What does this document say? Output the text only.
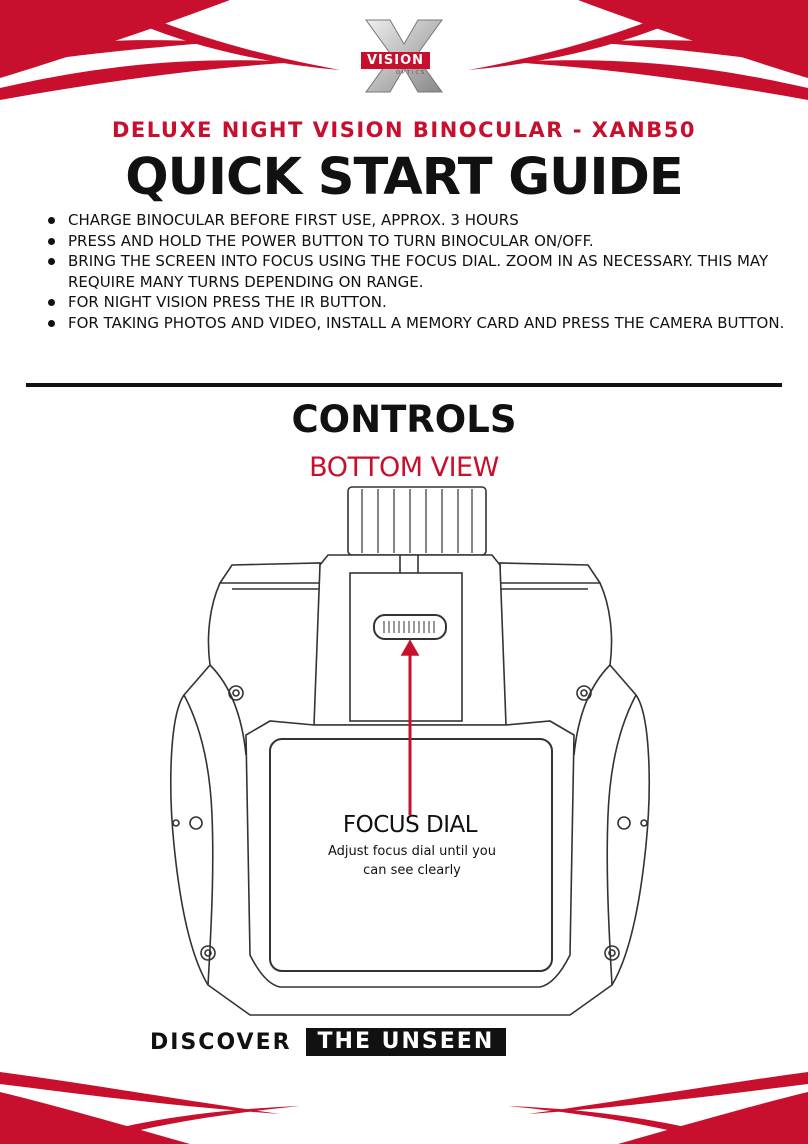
VISION
OPTICS
DELUXE NIGHT VISION BINOCULAR - XANB50
QUICK START GUIDE
CHARGE BINOCULAR BEFORE FIRST USE, APPROX. 3 HOURS
PRESS AND HOLD THE POWER BUTTON TO TURN BINOCULAR ON/OFF.
BRING THE SCREEN INTO FOCUS USING THE FOCUS DIAL. ZOOM IN AS NECESSARY. THIS MAY REQUIRE MANY TURNS DEPENDING ON RANGE.
FOR NIGHT VISION PRESS THE IR BUTTON.
FOR TAKING PHOTOS AND VIDEO, INSTALL A MEMORY CARD AND PRESS THE CAMERA BUTTON.
CONTROLS
BOTTOM VIEW
FOCUS DIAL
Adjust focus dial until you
can see clearly
DISCOVER	THE UNSEEN
